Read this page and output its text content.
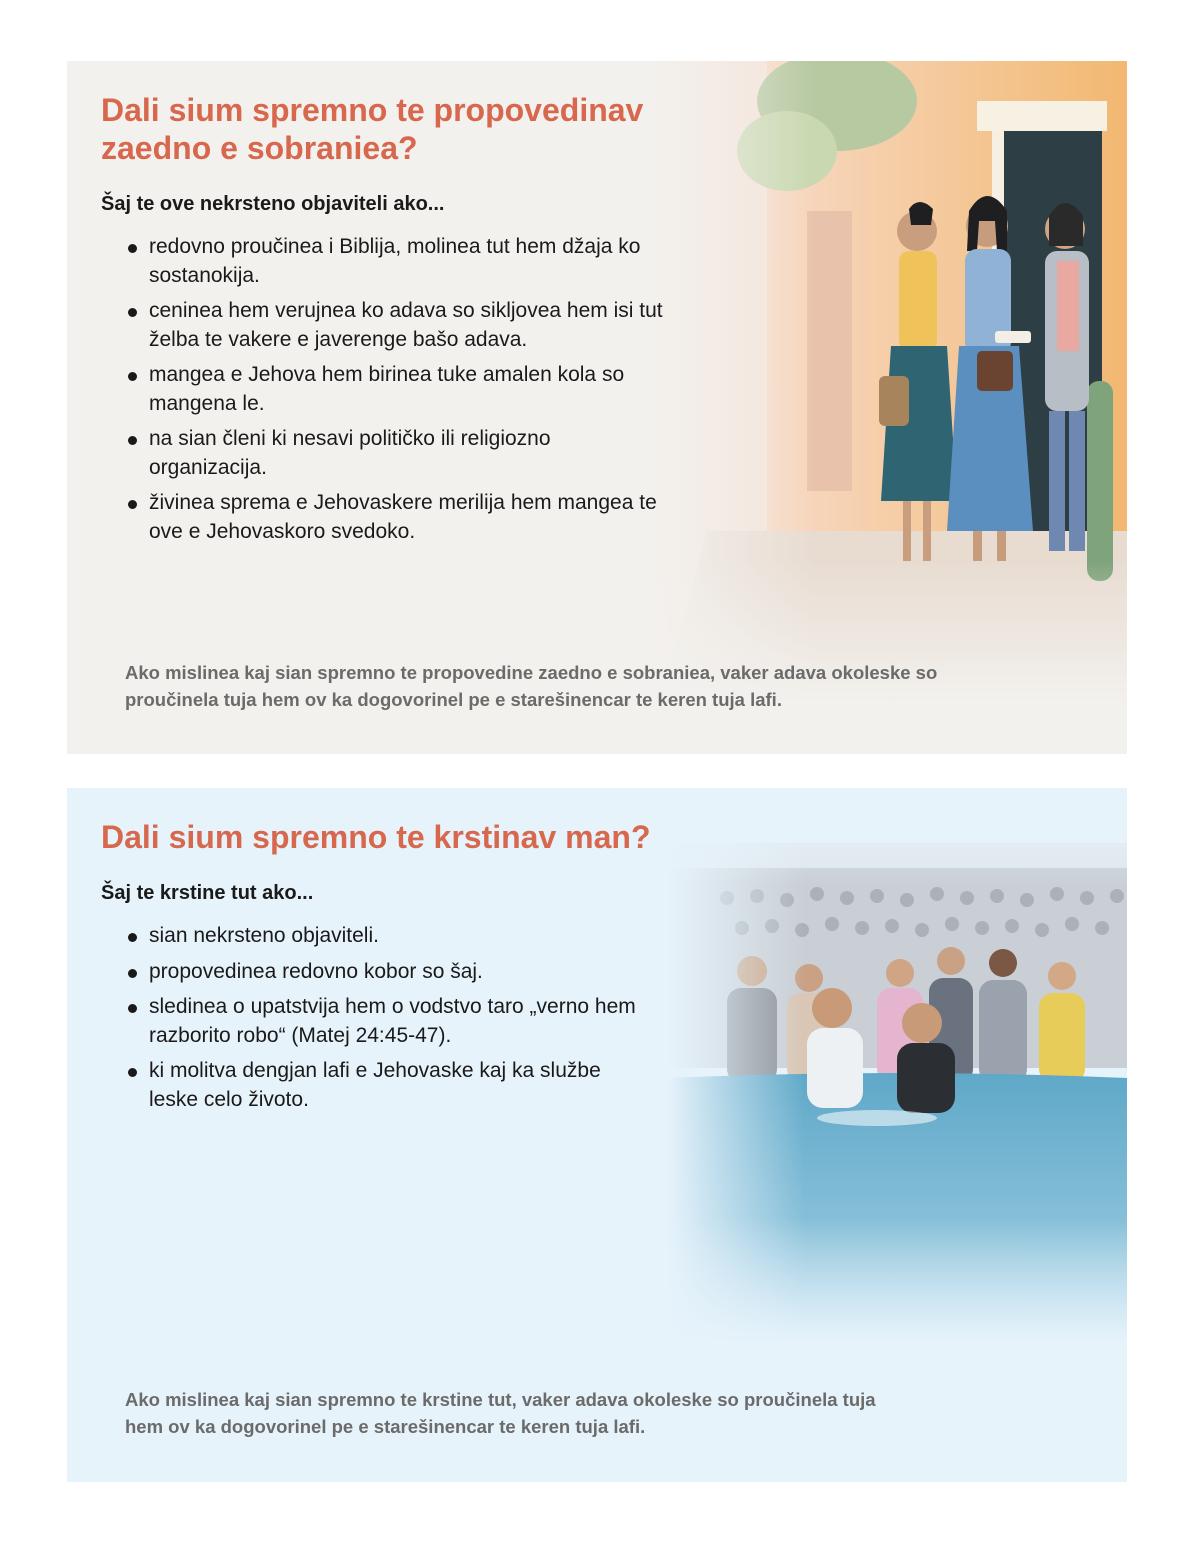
Dali sium spremno te propovedinav zaedno e sobraniea?

Šaj te ove nekrsteno objaviteli ako...

redovno proučinea i Biblija, molinea tut hem džaja ko sostanokija.
ceninea hem verujnea ko adava so sikljovea hem isi tut želba te vakere e javerenge bašo adava.
mangea e Jehova hem birinea tuke amalen kola so mangena le.
na sian členi ki nesavi političko ili religiozno organizacija.
živinea sprema e Jehovaskere merilija hem mangea te ove e Jehovaskoro svedoko.

Ako mislinea kaj sian spremno te propovedine zaedno e sobraniea, vaker adava okoleske so proučinela tuja hem ov ka dogovorinel pe e starešinencar te keren tuja lafi.

Dali sium spremno te krstinav man?

Šaj te krstine tut ako...

sian nekrsteno objaviteli.
propovedinea redovno kobor so šaj.
sledinea o upatstvija hem o vodstvo taro „verno hem razborito robo“ (Matej 24:45-47).
ki molitva dengjan lafi e Jehovaske kaj ka službe leske celo životo.

Ako mislinea kaj sian spremno te krstine tut, vaker adava okoleske so proučinela tuja hem ov ka dogovorinel pe e starešinencar te keren tuja lafi.
